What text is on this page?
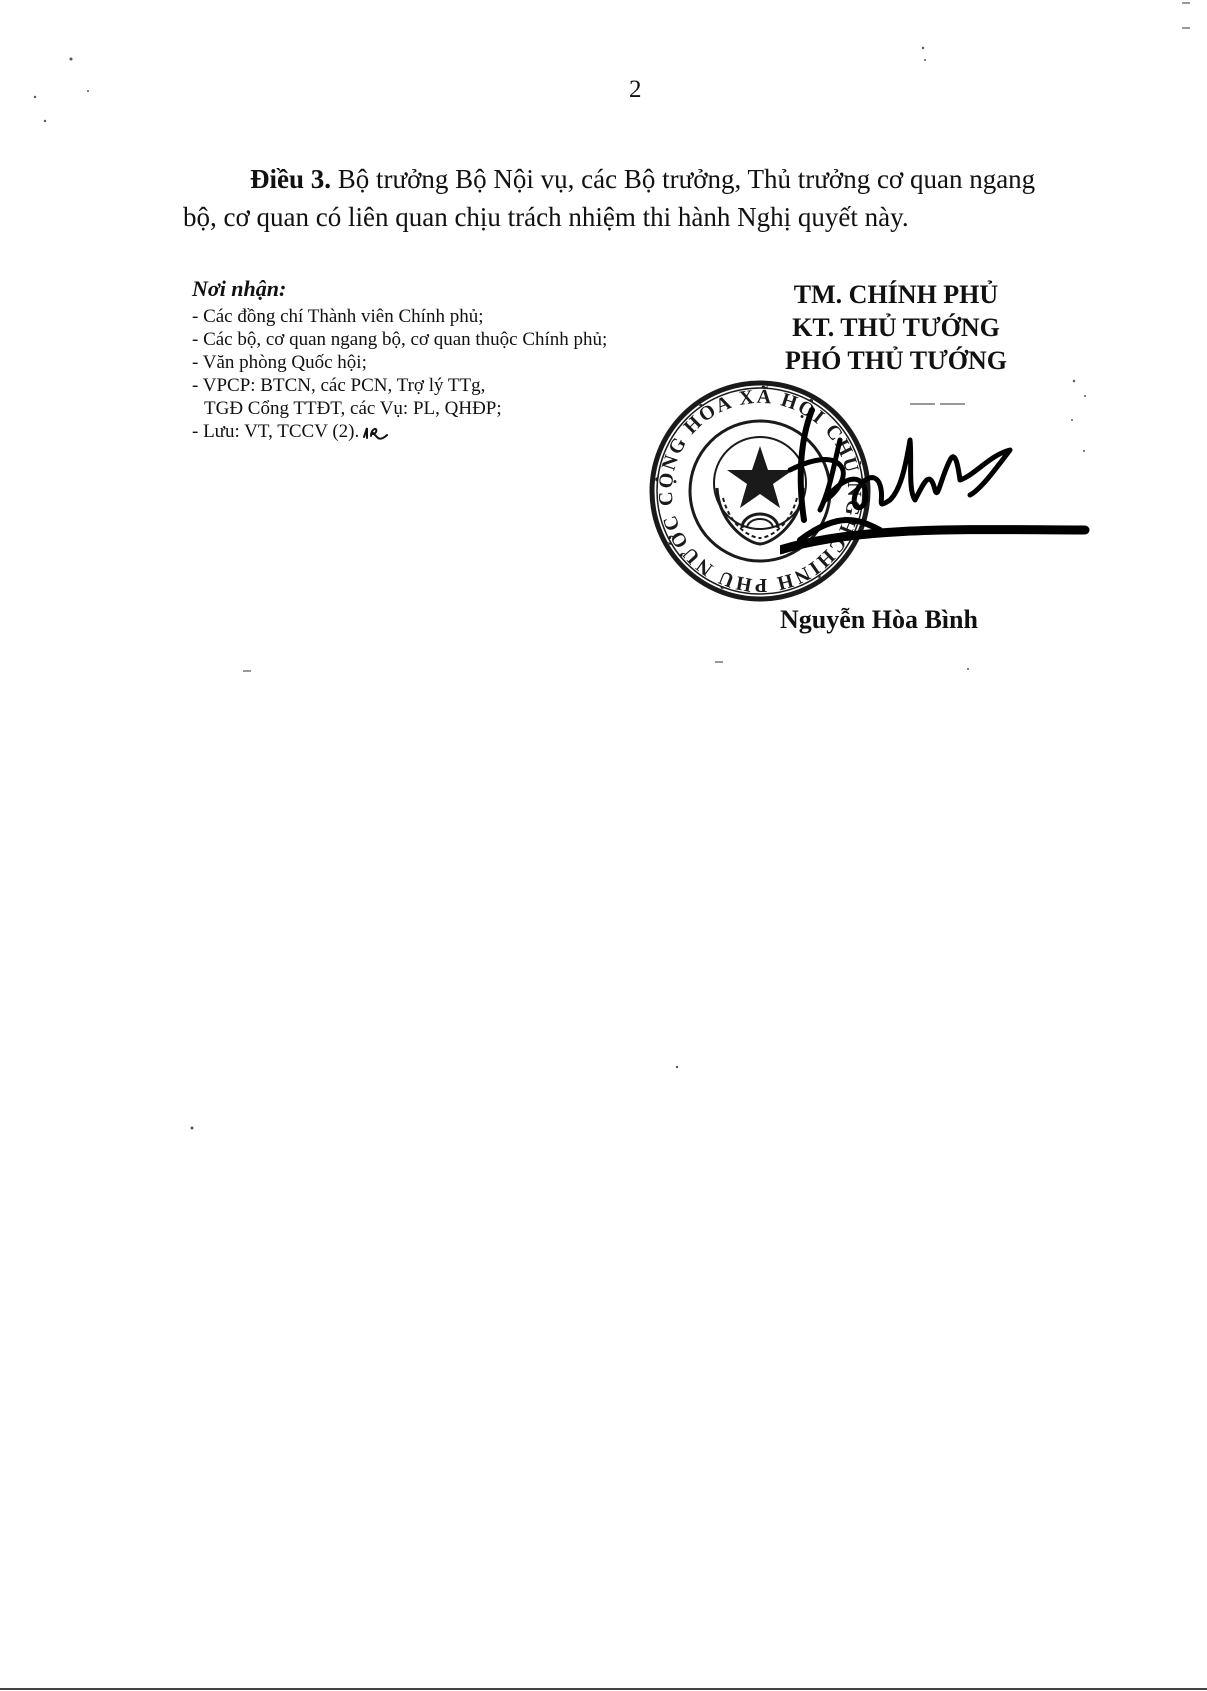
2
Điều 3. Bộ trưởng Bộ Nội vụ, các Bộ trưởng, Thủ trưởng cơ quan ngang
bộ, cơ quan có liên quan chịu trách nhiệm thi hành Nghị quyết này.
Nơi nhận:
- Các đồng chí Thành viên Chính phủ;
- Các bộ, cơ quan ngang bộ, cơ quan thuộc Chính phủ;
- Văn phòng Quốc hội;
- VPCP: BTCN, các PCN, Trợ lý TTg,
TGĐ Cổng TTĐT, các Vụ: PL, QHĐP;
- Lưu: VT, TCCV (2).
TM. CHÍNH PHỦ
KT. THỦ TƯỚNG
PHÓ THỦ TƯỚNG
CHÍNH PHỦ NƯỚC CỘNG HÒA XÃ HỘI CHỦ NGHĨA
Nguyễn Hòa Bình
